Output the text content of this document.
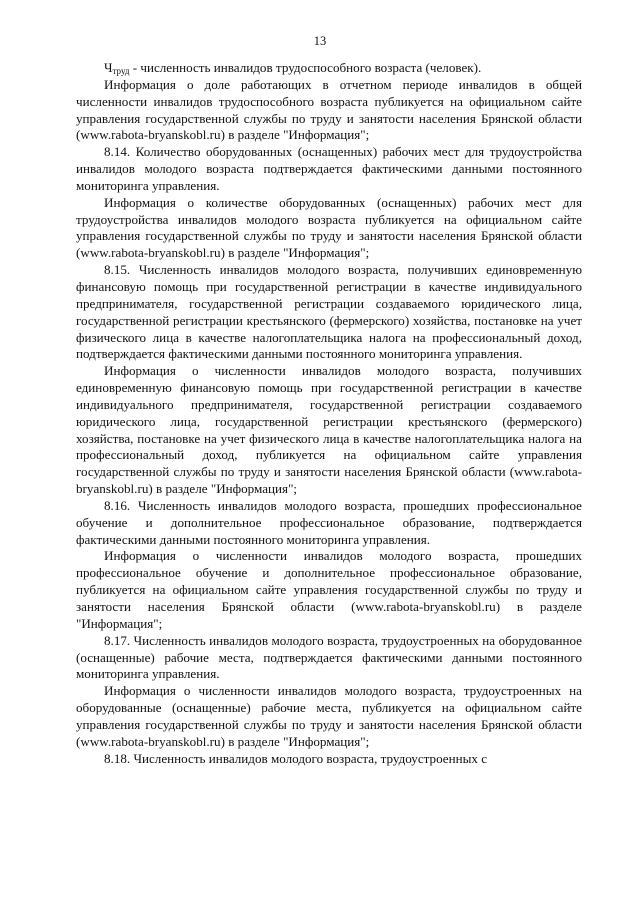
13

$Ч_{труд}$ - численность инвалидов трудоспособного возраста (человек).

Информация о доле работающих в отчетном периоде инвалидов в общей численности инвалидов трудоспособного возраста публикуется на официальном сайте управления государственной службы по труду и занятости населения Брянской области (www.rabota-bryanskobl.ru) в разделе "Информация";

8.14. Количество оборудованных (оснащенных) рабочих мест для трудоустройства инвалидов молодого возраста подтверждается фактическими данными постоянного мониторинга управления.

Информация о количестве оборудованных (оснащенных) рабочих мест для трудоустройства инвалидов молодого возраста публикуется на официальном сайте управления государственной службы по труду и занятости населения Брянской области (www.rabota-bryanskobl.ru) в разделе "Информация";

8.15. Численность инвалидов молодого возраста, получивших единовременную финансовую помощь при государственной регистрации в качестве индивидуального предпринимателя, государственной регистрации создаваемого юридического лица, государственной регистрации крестьянского (фермерского) хозяйства, постановке на учет физического лица в качестве налогоплательщика налога на профессиональный доход, подтверждается фактическими данными постоянного мониторинга управления.

Информация о численности инвалидов молодого возраста, получивших единовременную финансовую помощь при государственной регистрации в качестве индивидуального предпринимателя, государственной регистрации создаваемого юридического лица, государственной регистрации крестьянского (фермерского) хозяйства, постановке на учет физического лица в качестве налогоплательщика налога на профессиональный доход, публикуется на официальном сайте управления государственной службы по труду и занятости населения Брянской области (www.rabota-bryanskobl.ru) в разделе "Информация";

8.16. Численность инвалидов молодого возраста, прошедших профессиональное обучение и дополнительное профессиональное образование, подтверждается фактическими данными постоянного мониторинга управления.

Информация о численности инвалидов молодого возраста, прошедших профессиональное обучение и дополнительное профессиональное образование, публикуется на официальном сайте управления государственной службы по труду и занятости населения Брянской области (www.rabota-bryanskobl.ru) в разделе "Информация";

8.17. Численность инвалидов молодого возраста, трудоустроенных на оборудованное (оснащенные) рабочие места, подтверждается фактическими данными постоянного мониторинга управления.

Информация о численности инвалидов молодого возраста, трудоустроенных на оборудованные (оснащенные) рабочие места, публикуется на официальном сайте управления государственной службы по труду и занятости населения Брянской области (www.rabota-bryanskobl.ru) в разделе "Информация";

8.18. Численность инвалидов молодого возраста, трудоустроенных с
